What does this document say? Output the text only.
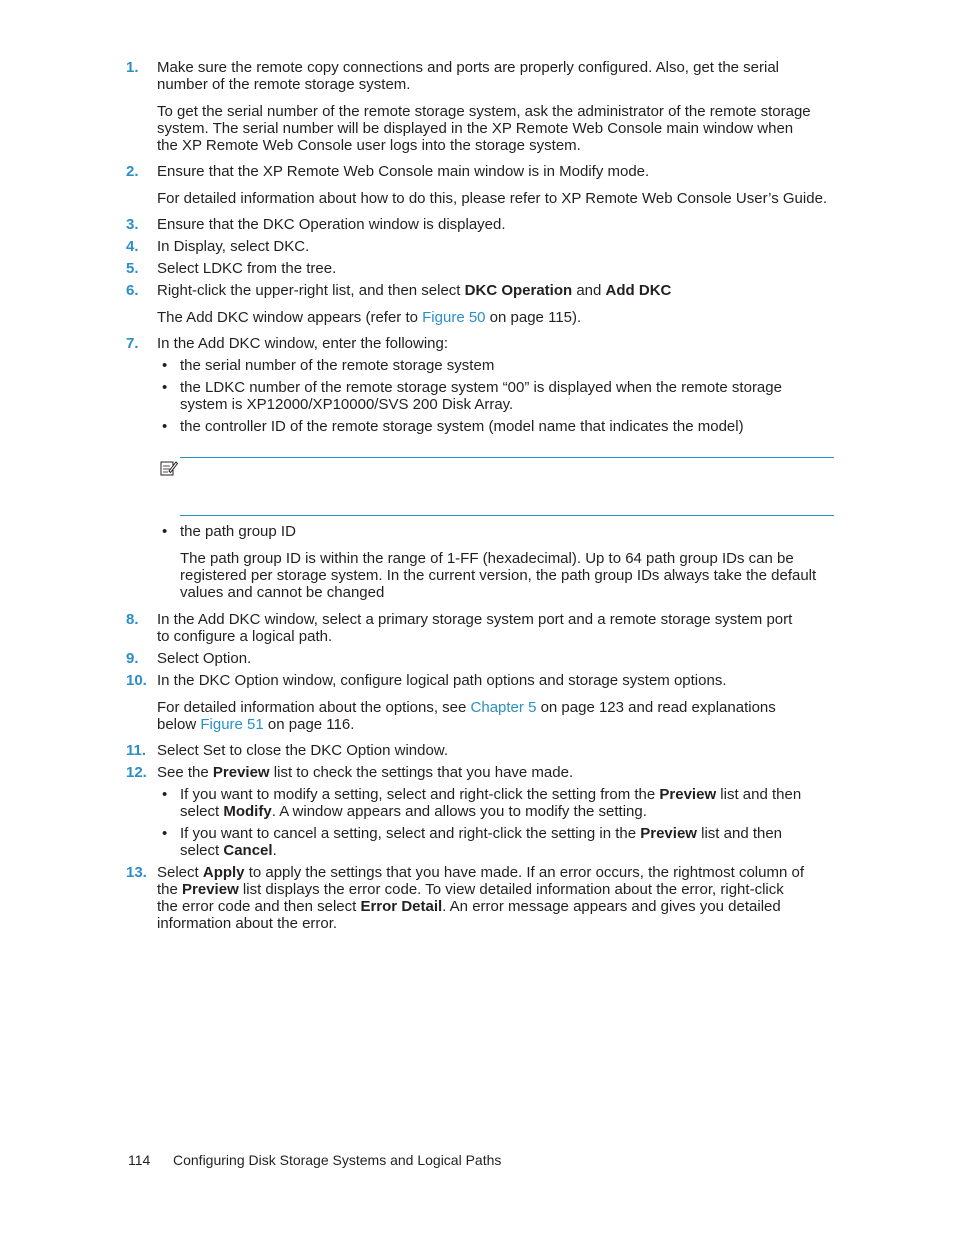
1.	Make sure the remote copy connections and ports are properly configured. Also, get the serial
number of the remote storage system.
To get the serial number of the remote storage system, ask the administrator of the remote storage
system. The serial number will be displayed in the XP Remote Web Console main window when
the XP Remote Web Console user logs into the storage system.
2.	Ensure that the XP Remote Web Console main window is in Modify mode.
For detailed information about how to do this, please refer to XP Remote Web Console User’s Guide.
3.	Ensure that the DKC Operation window is displayed.
4.	In Display, select DKC.
5.	Select LDKC from the tree.
6.	Right-click the upper-right list, and then select DKC Operation and Add DKC
The Add DKC window appears (refer to Figure 50 on page 115).
7.	In the Add DKC window, enter the following:
• the serial number of the remote storage system
• the LDKC number of the remote storage system “00” is displayed when the remote storage
system is XP12000/XP10000/SVS 200 Disk Array.
• the controller ID of the remote storage system (model name that indicates the model)
• the path group ID
The path group ID is within the range of 1-FF (hexadecimal). Up to 64 path group IDs can be
registered per storage system. In the current version, the path group IDs always take the default
values and cannot be changed
8.	In the Add DKC window, select a primary storage system port and a remote storage system port
to configure a logical path.
9.	Select Option.
10. In the DKC Option window, configure logical path options and storage system options.
For detailed information about the options, see Chapter 5 on page 123 and read explanations
below Figure 51 on page 116.
11. Select Set to close the DKC Option window.
12. See the Preview list to check the settings that you have made.
• If you want to modify a setting, select and right-click the setting from the Preview list and then
select Modify. A window appears and allows you to modify the setting.
• If you want to cancel a setting, select and right-click the setting in the Preview list and then
select Cancel.
13. Select Apply to apply the settings that you have made. If an error occurs, the rightmost column of
the Preview list displays the error code. To view detailed information about the error, right-click
the error code and then select Error Detail. An error message appears and gives you detailed
information about the error.
114 Configuring Disk Storage Systems and Logical Paths
